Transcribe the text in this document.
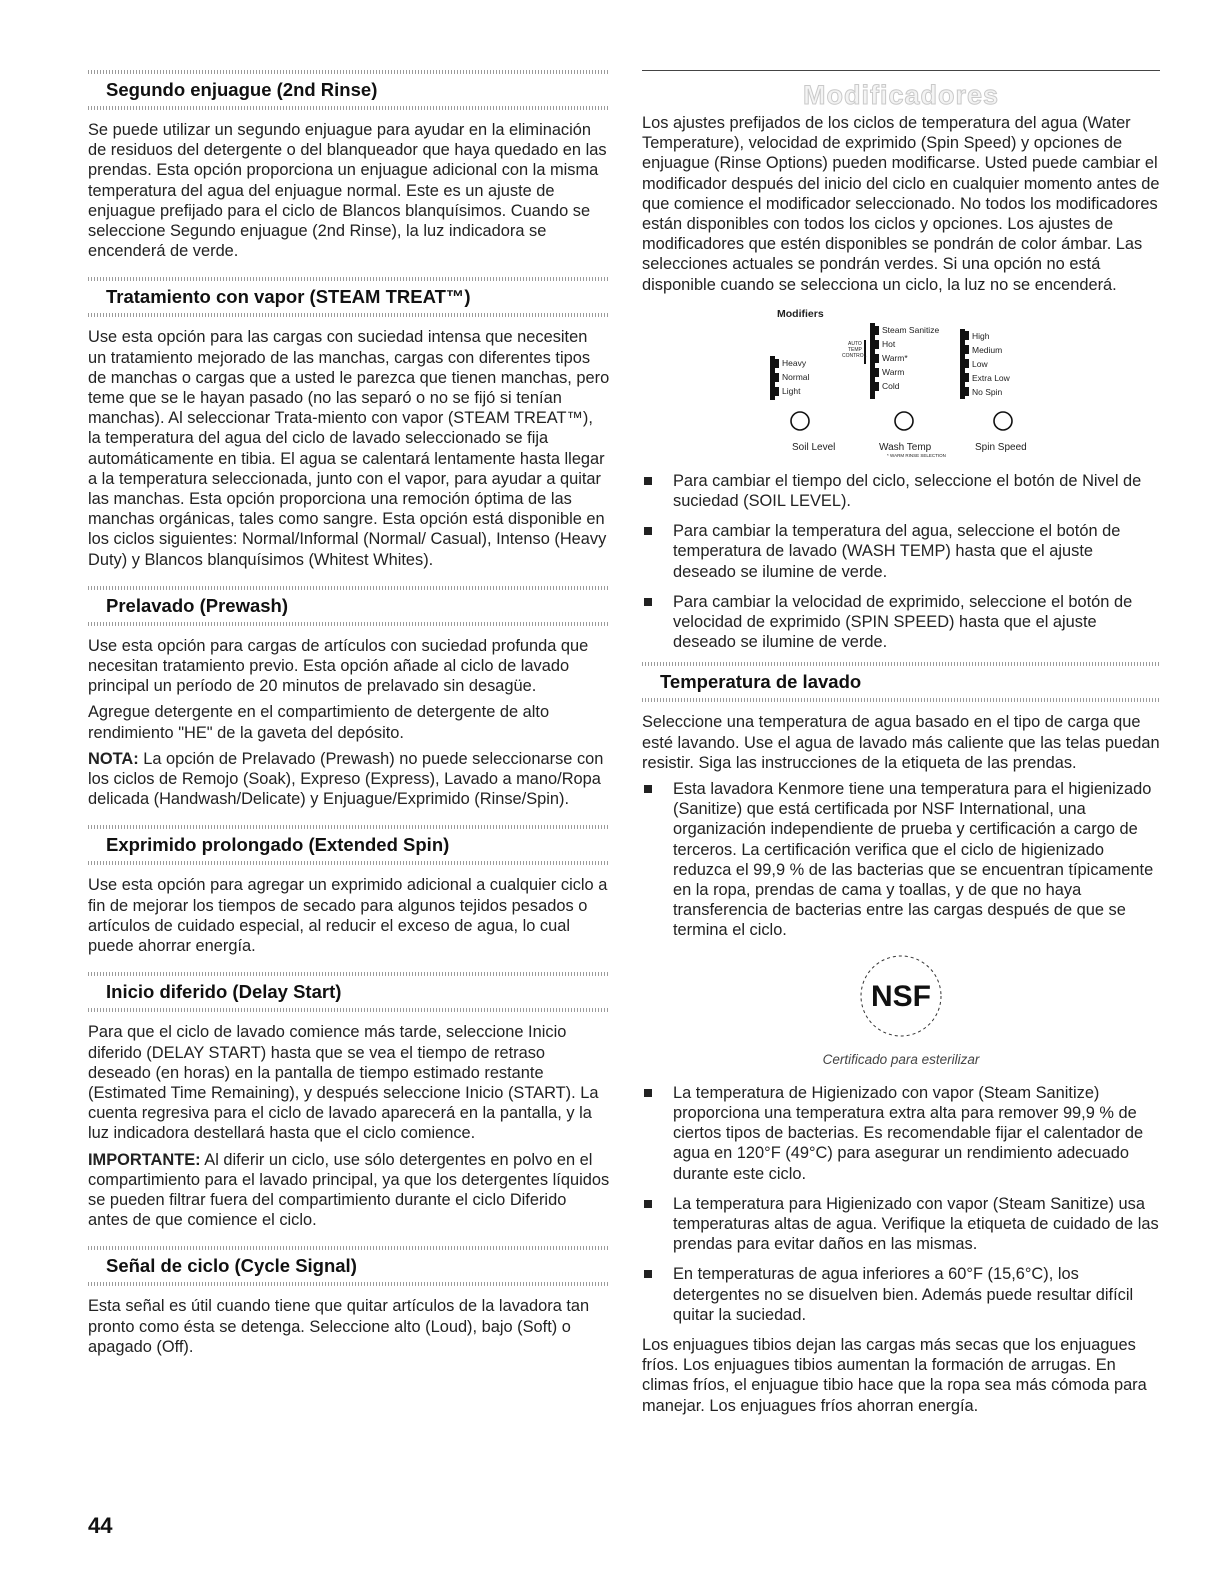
Segundo enjuague (2nd Rinse)

Se puede utilizar un segundo enjuague para ayudar en la eliminación de residuos del detergente o del blanqueador que haya quedado en las prendas. Esta opción proporciona un enjuague adicional con la misma temperatura del agua del enjuague normal. Este es un ajuste de enjuague prefijado para el ciclo de Blancos blanquísimos. Cuando se seleccione Segundo enjuague (2nd Rinse), la luz indicadora se encenderá de verde.

Tratamiento con vapor (STEAM TREAT™)

Use esta opción para las cargas con suciedad intensa que necesiten un tratamiento mejorado de las manchas, cargas con diferentes tipos de manchas o cargas que a usted le parezca que tienen manchas, pero teme que se le hayan pasado (no las separó o no se fijó si tenían manchas). Al seleccionar Trata-miento con vapor (STEAM TREAT™), la temperatura del agua del ciclo de lavado seleccionado se fija automáticamente en tibia. El agua se calentará lentamente hasta llegar a la temperatura seleccionada, junto con el vapor, para ayudar a quitar las manchas. Esta opción proporciona una remoción óptima de las manchas orgánicas, tales como sangre. Esta opción está disponible en los ciclos siguientes: Normal/Informal (Normal/ Casual), Intenso (Heavy Duty) y Blancos blanquísimos (Whitest Whites).

Prelavado (Prewash)

Use esta opción para cargas de artículos con suciedad profunda que necesitan tratamiento previo. Esta opción añade al ciclo de lavado principal un período de 20 minutos de prelavado sin desagüe.

Agregue detergente en el compartimiento de detergente de alto rendimiento "HE" de la gaveta del depósito.

NOTA: La opción de Prelavado (Prewash) no puede seleccionarse con los ciclos de Remojo (Soak), Expreso (Express), Lavado a mano/Ropa delicada (Handwash/Delicate) y Enjuague/Exprimido (Rinse/Spin).

Exprimido prolongado (Extended Spin)

Use esta opción para agregar un exprimido adicional a cualquier ciclo a fin de mejorar los tiempos de secado para algunos tejidos pesados o artículos de cuidado especial, al reducir el exceso de agua, lo cual puede ahorrar energía.

Inicio diferido (Delay Start)

Para que el ciclo de lavado comience más tarde, seleccione Inicio diferido (DELAY START) hasta que se vea el tiempo de retraso deseado (en horas) en la pantalla de tiempo estimado restante (Estimated Time Remaining), y después seleccione Inicio (START). La cuenta regresiva para el ciclo de lavado aparecerá en la pantalla, y la luz indicadora destellará hasta que el ciclo comience.

IMPORTANTE: Al diferir un ciclo, use sólo detergentes en polvo en el compartimiento para el lavado principal, ya que los detergentes líquidos se pueden filtrar fuera del compartimiento durante el ciclo Diferido antes de que comience el ciclo.

Señal de ciclo (Cycle Signal)

Esta señal es útil cuando tiene que quitar artículos de la lavadora tan pronto como ésta se detenga. Seleccione alto (Loud), bajo (Soft) o apagado (Off).

Modificadores

Los ajustes prefijados de los ciclos de temperatura del agua (Water Temperature), velocidad de exprimido (Spin Speed) y opciones de enjuague (Rinse Options) pueden modificarse. Usted puede cambiar el modificador después del inicio del ciclo en cualquier momento antes de que comience el modificador seleccionado. No todos los modificadores están disponibles con todos los ciclos y opciones. Los ajustes de modificadores que estén disponibles se pondrán de color ámbar. Las selecciones actuales se pondrán verdes. Si una opción no está disponible cuando se selecciona un ciclo, la luz no se encenderá.

Modifiers
Heavy
Normal
Light
Soil Level
AUTO
TEMP
CONTROL
Steam Sanitize
Hot
Warm*
Warm
Cold
Wash Temp
* WARM RINSE SELECTION
High
Medium
Low
Extra Low
No Spin
Spin Speed
Para cambiar el tiempo del ciclo, seleccione el botón de Nivel de suciedad (SOIL LEVEL).
Para cambiar la temperatura del agua, seleccione el botón de temperatura de lavado (WASH TEMP) hasta que el ajuste deseado se ilumine de verde.
Para cambiar la velocidad de exprimido, seleccione el botón de velocidad de exprimido (SPIN SPEED) hasta que el ajuste deseado se ilumine de verde.
Temperatura de lavado

Seleccione una temperatura de agua basado en el tipo de carga que esté lavando. Use el agua de lavado más caliente que las telas puedan resistir. Siga las instrucciones de la etiqueta de las prendas.

Esta lavadora Kenmore tiene una temperatura para el higienizado (Sanitize) que está certificada por NSF International, una organización independiente de prueba y certificación a cargo de terceros. La certificación verifica que el ciclo de higienizado reduzca el 99,9 % de las bacterias que se encuentran típicamente en la ropa, prendas de cama y toallas, y de que no haya transferencia de bacterias entre las cargas después de que se termina el ciclo.
NSF
Certificado para esterilizar
La temperatura de Higienizado con vapor (Steam Sanitize) proporciona una temperatura extra alta para remover 99,9 % de ciertos tipos de bacterias. Es recomendable fijar el calentador de agua en 120°F (49°C) para asegurar un rendimiento adecuado durante este ciclo.
La temperatura para Higienizado con vapor (Steam Sanitize) usa temperaturas altas de agua. Verifique la etiqueta de cuidado de las prendas para evitar daños en las mismas.
En temperaturas de agua inferiores a 60°F (15,6°C), los detergentes no se disuelven bien. Además puede resultar difícil quitar la suciedad.

Los enjuagues tibios dejan las cargas más secas que los enjuagues fríos. Los enjuagues tibios aumentan la formación de arrugas. En climas fríos, el enjuague tibio hace que la ropa sea más cómoda para manejar. Los enjuagues fríos ahorran energía.

44
